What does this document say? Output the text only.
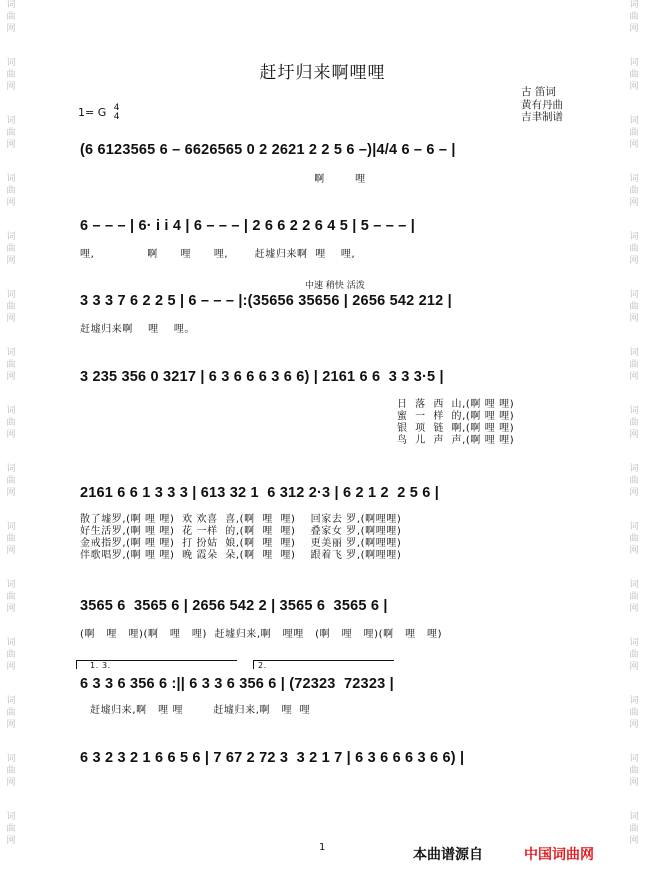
词
曲
网
词
曲
网
词
曲
网
词
曲
网
词
曲
网
词
曲
网
词
曲
网
词
曲
网
词
曲
网
词
曲
网
词
曲
网
词
曲
网
词
曲
网
词
曲
网
词
曲
网
词
曲
网
词
曲
网
词
曲
网
词
曲
网
词
曲
网
词
曲
网
词
曲
网
词
曲
网
词
曲
网
词
曲
网
词
曲
网
词
曲
网
词
曲
网
词
曲
网
词
曲
网
赶圩归来啊哩哩
古 笛词
黄有丹曲
吉聿制谱
1= G 4
4
(6 6123565 6 – 6626565 0 2 2621 2 2 5 6 –)|4/4 6 – 6 – |
啊        哩
6 – – – | 6· i i 4 | 6 – – – | 2 6 6 2 2 6 4 5 | 5 – – – |
哩,              啊      哩      哩,       赶墟归来啊  哩    哩,
中速 稍快 活泼
3 3 3 7 6 2 2 5 | 6 – – – |:(35656 35656 | 2656 542 212 |
赶墟归来啊    哩    哩。
3 235 356 0 3217 | 6 3 6 6 6 3 6 6) | 2161 6 6  3 3 3·5 |
日  落  西  山,(啊 哩 哩)
蜜  一  样  的,(啊 哩 哩)
银  项  链  啊,(啊 哩 哩)
鸟  儿  声  声,(啊 哩 哩)
2161 6 6 1 3 3 3 | 613 32 1  6 312 2·3 | 6 2 1 2  2 5 6 |
散了墟罗,(啊 哩 哩)  欢 欢喜  喜,(啊  哩  哩)    回家去 罗,(啊哩哩)
好生活罗,(啊 哩 哩)  花 一样  的,(啊  哩  哩)    叠家女 罗,(啊哩哩)
金戒指罗,(啊 哩 哩)  打 扮姑  娘,(啊  哩  哩)    更美丽 罗,(啊哩哩)
伴歌唱罗,(啊 哩 哩)  晚 霞朵  朵,(啊  哩  哩)    跟着飞 罗,(啊哩哩)
3565 6  3565 6 | 2656 542 2 | 3565 6  3565 6 |
(啊   哩   哩)(啊   哩   哩)  赶墟归来,啊   哩哩   (啊   哩   哩)(啊   哩   哩)
1. 3.	2.
6 3 3 6 356 6 :|| 6 3 3 6 356 6 | (72323  72323 |
赶墟归来,啊   哩 哩        赶墟归来,啊   哩  哩
6 3 2 3 2 1 6 6 5 6 | 7 67 2 72 3  3 2 1 7 | 6 3 6 6 6 3 6 6) |
1	本曲谱源自	中国词曲网
